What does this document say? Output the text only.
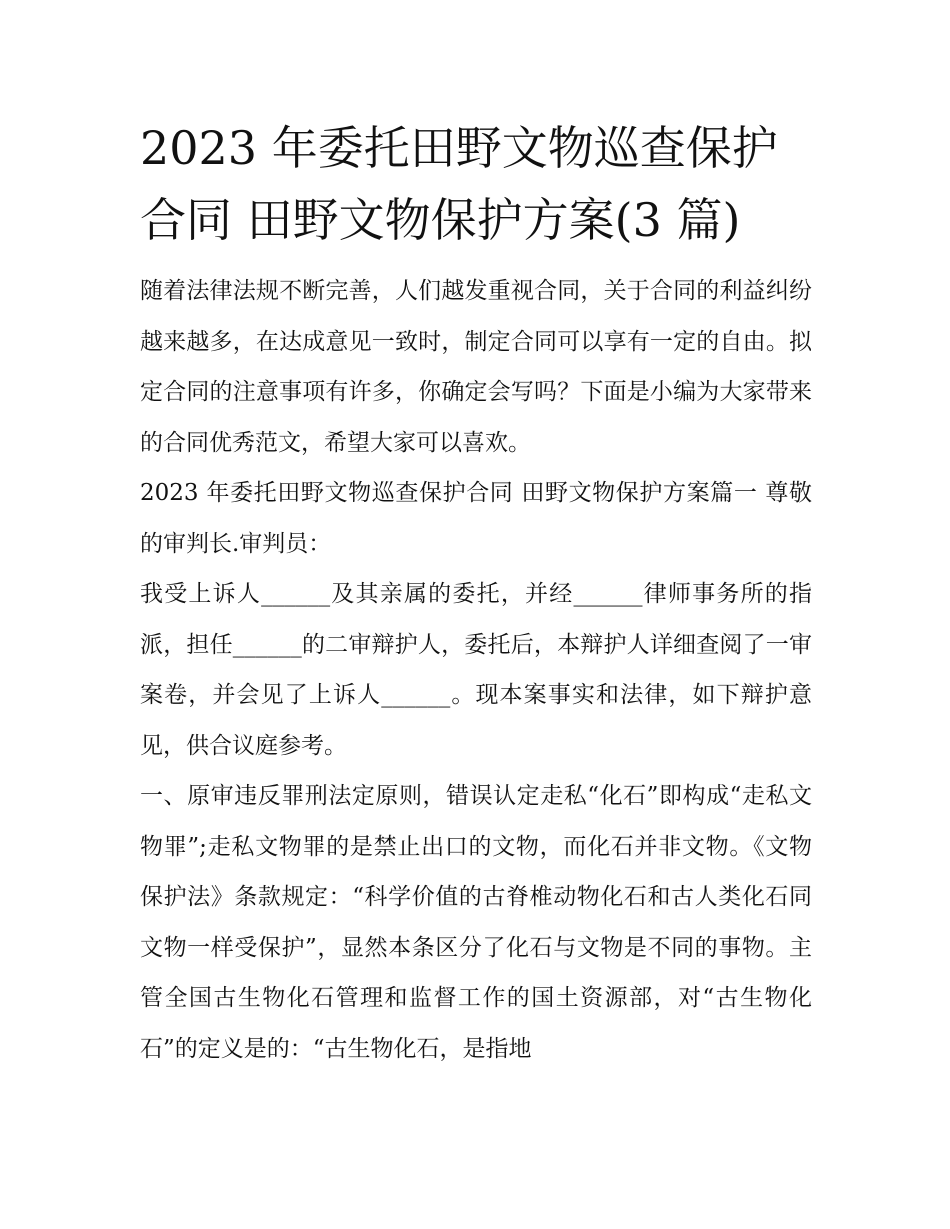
2023 年委托田野文物巡查保护
合同 田野文物保护方案(3 篇)

随着法律法规不断完善，人们越发重视合同，关于合同的利益纠纷越来越多，在达成意见一致时，制定合同可以享有一定的自由。拟定合同的注意事项有许多，你确定会写吗？下面是小编为大家带来的合同优秀范文，希望大家可以喜欢。

2023 年委托田野文物巡查保护合同 田野文物保护方案篇一 尊敬的审判长.审判员：

我受上诉人______及其亲属的委托，并经______律师事务所的指派，担任______的二审辩护人，委托后，本辩护人详细查阅了一审案卷，并会见了上诉人______。现本案事实和法律，如下辩护意见，供合议庭参考。

一、原审违反罪刑法定原则，错误认定走私“化石”即构成“走私文物罪”;走私文物罪的是禁止出口的文物，而化石并非文物。《文物保护法》条款规定：“科学价值的古脊椎动物化石和古人类化石同文物一样受保护”，显然本条区分了化石与文物是不同的事物。主管全国古生物化石管理和监督工作的国土资源部，对“古生物化石”的定义是的：“古生物化石，是指地
